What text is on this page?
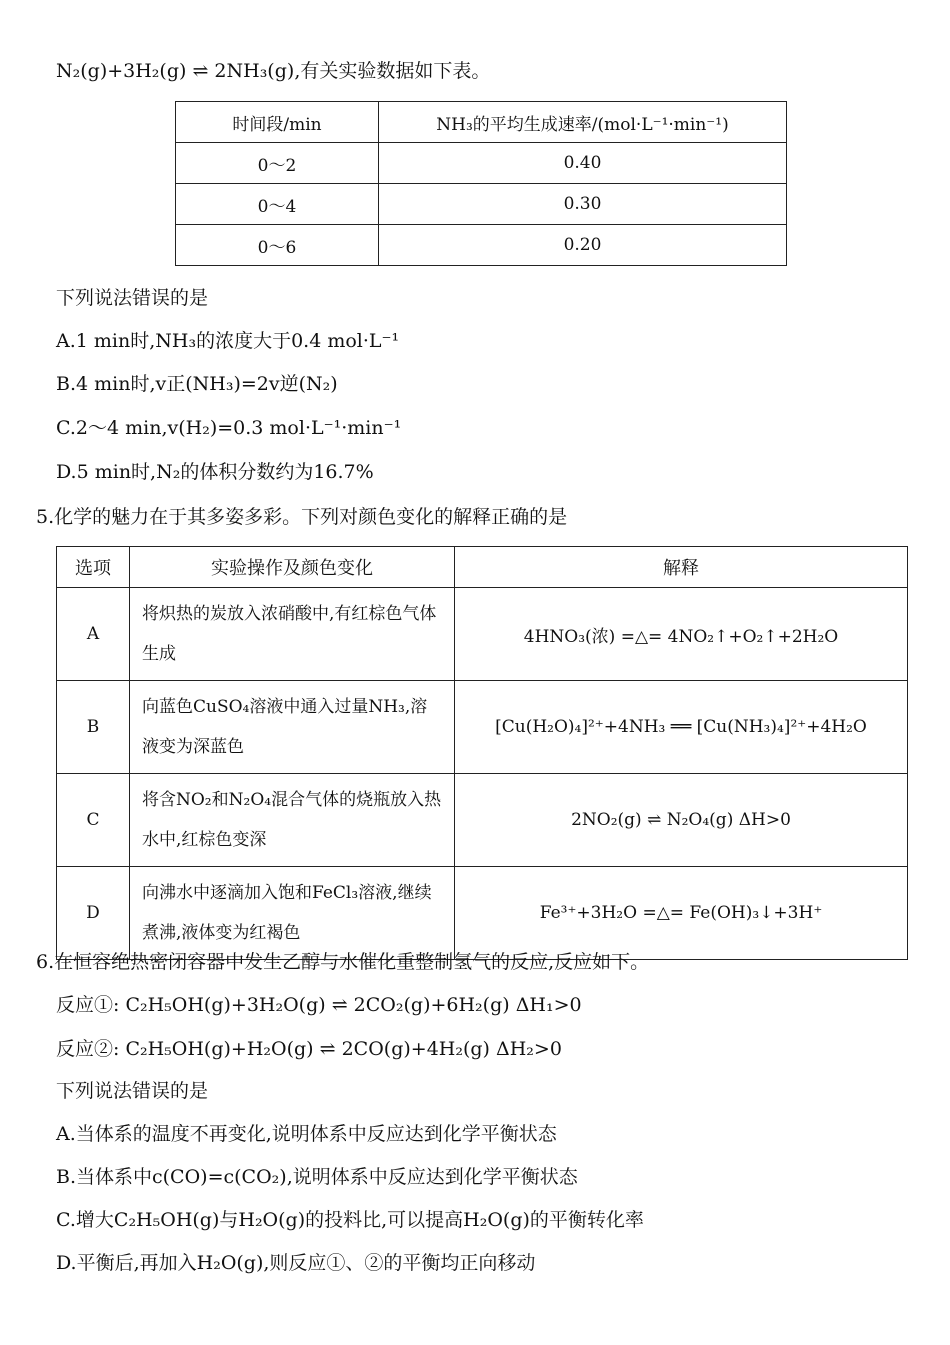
N₂(g)+3H₂(g) ⇌ 2NH₃(g),有关实验数据如下表。
时间段/min	NH₃的平均生成速率/(mol·L⁻¹·min⁻¹)
0～2	0.40
0～4	0.30
0～6	0.20
下列说法错误的是
A.1 min时,NH₃的浓度大于0.4 mol·L⁻¹
B.4 min时,v正(NH₃)=2v逆(N₂)
C.2～4 min,v(H₂)=0.3 mol·L⁻¹·min⁻¹
D.5 min时,N₂的体积分数约为16.7%
5.化学的魅力在于其多姿多彩。下列对颜色变化的解释正确的是
选项	实验操作及颜色变化	解释
A	将炽热的炭放入浓硝酸中,有红棕色气体生成	4HNO₃(浓) =△= 4NO₂↑+O₂↑+2H₂O
B	向蓝色CuSO₄溶液中通入过量NH₃,溶液变为深蓝色	[Cu(H₂O)₄]²⁺+4NH₃ ══ [Cu(NH₃)₄]²⁺+4H₂O
C	将含NO₂和N₂O₄混合气体的烧瓶放入热水中,红棕色变深	2NO₂(g) ⇌ N₂O₄(g) ΔH>0
D	向沸水中逐滴加入饱和FeCl₃溶液,继续煮沸,液体变为红褐色	Fe³⁺+3H₂O =△= Fe(OH)₃↓+3H⁺
6.在恒容绝热密闭容器中发生乙醇与水催化重整制氢气的反应,反应如下。
反应①: C₂H₅OH(g)+3H₂O(g) ⇌ 2CO₂(g)+6H₂(g) ΔH₁>0
反应②: C₂H₅OH(g)+H₂O(g) ⇌ 2CO(g)+4H₂(g) ΔH₂>0
下列说法错误的是
A.当体系的温度不再变化,说明体系中反应达到化学平衡状态
B.当体系中c(CO)=c(CO₂),说明体系中反应达到化学平衡状态
C.增大C₂H₅OH(g)与H₂O(g)的投料比,可以提高H₂O(g)的平衡转化率
D.平衡后,再加入H₂O(g),则反应①、②的平衡均正向移动
